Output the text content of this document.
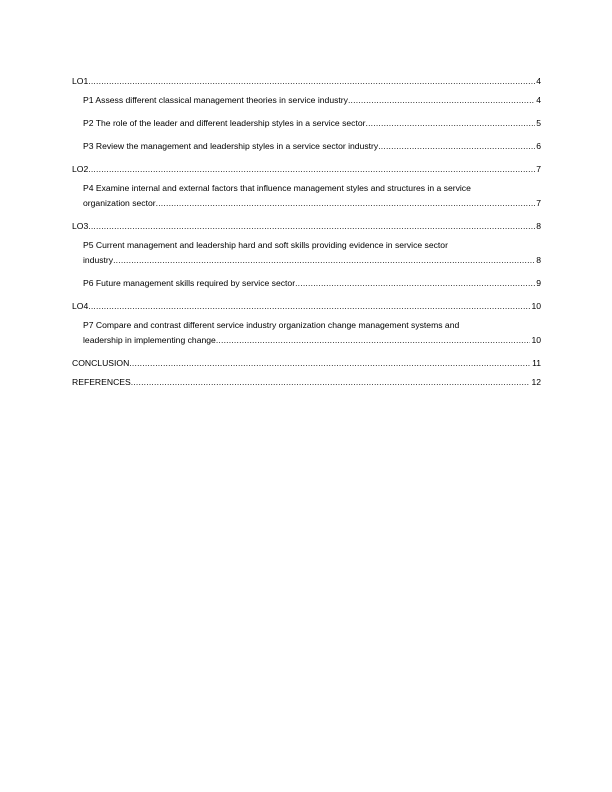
LO1 .....	4
P1 Assess different classical management theories in service industry .....	4
P2 The role of the leader and different leadership styles in a service sector .....	5
P3 Review the management and leadership styles in a service sector industry .....	6
LO2 .....	7
P4 Examine internal and external factors that influence management styles and structures in a service
organization sector .....	7
LO3 .....	8
P5 Current management and leadership hard and soft skills providing evidence in service sector
industry .....	8
P6 Future management skills required by service sector .....	9
LO4 .....	10
P7 Compare and contrast different service industry organization change management systems and
leadership in implementing change .....	10
CONCLUSION .....	11
REFERENCES .....	12
